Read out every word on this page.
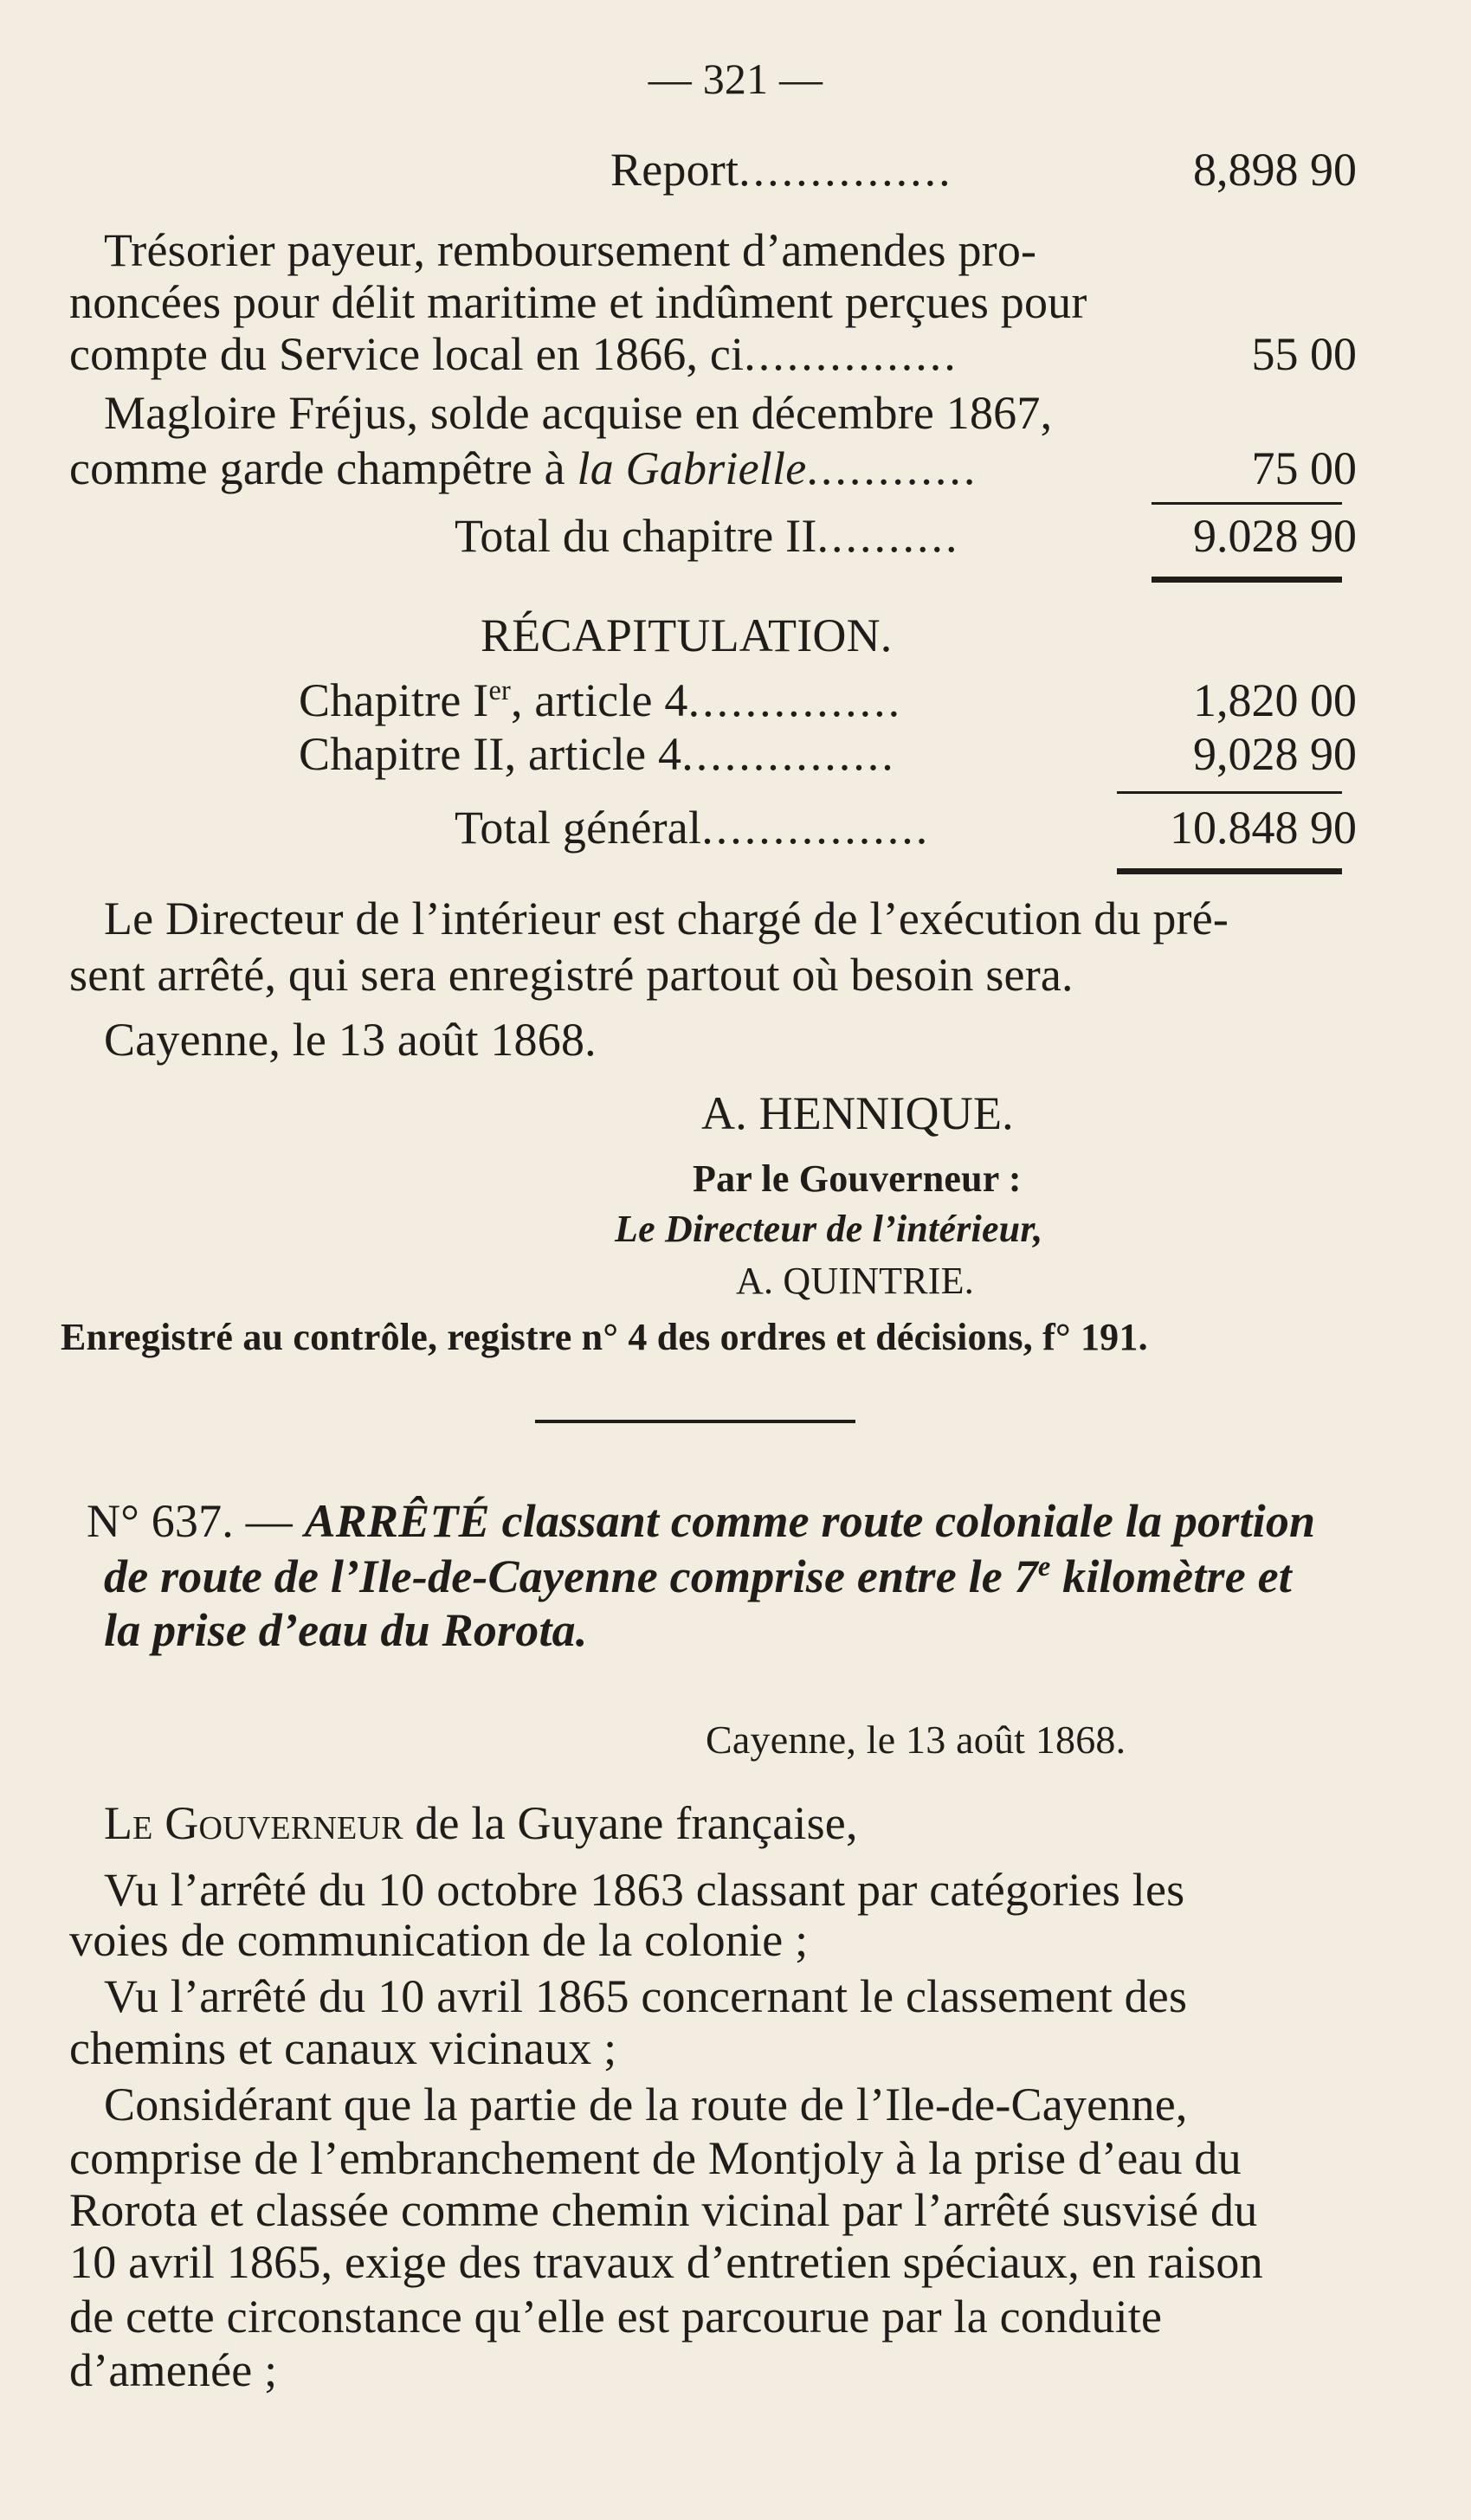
— 321 —
Report...............	8,898 90
Trésorier payeur, remboursement d’amendes pro-
noncées pour délit maritime et indûment perçues pour
compte du Service local en 1866, ci...............	55 00
Magloire Fréjus, solde acquise en décembre 1867,
comme garde champêtre à la Gabrielle............	75 00
Total du chapitre II..........	9.028 90
RÉCAPITULATION.
Chapitre Ier, article 4...............	1,820 00
Chapitre II, article 4...............	9,028 90
Total général................	10.848 90
Le Directeur de l’intérieur est chargé de l’exécution du pré-
sent arrêté, qui sera enregistré partout où besoin sera.
Cayenne, le 13 août 1868.
A. HENNIQUE.
Par le Gouverneur :
Le Directeur de l’intérieur,
A. QUINTRIE.
Enregistré au contrôle, registre n° 4 des ordres et décisions, f° 191.
N° 637. — ARRÊTÉ classant comme route coloniale la portion
de route de l’Ile-de-Cayenne comprise entre le 7e kilomètre et
la prise d’eau du Rorota.
Cayenne, le 13 août 1868.
Le Gouverneur de la Guyane française,
Vu l’arrêté du 10 octobre 1863 classant par catégories les
voies de communication de la colonie ;
Vu l’arrêté du 10 avril 1865 concernant le classement des
chemins et canaux vicinaux ;
Considérant que la partie de la route de l’Ile-de-Cayenne,
comprise de l’embranchement de Montjoly à la prise d’eau du
Rorota et classée comme chemin vicinal par l’arrêté susvisé du
10 avril 1865, exige des travaux d’entretien spéciaux, en raison
de cette circonstance qu’elle est parcourue par la conduite
d’amenée ;
